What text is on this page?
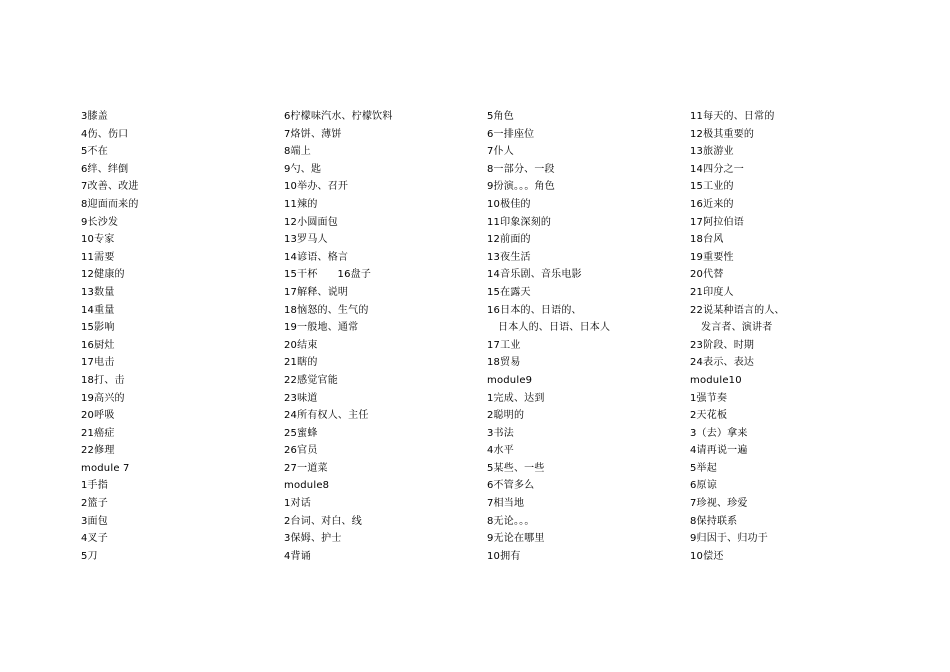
3膝盖
4伤、伤口
5不在
6绊、绊倒
7改善、改进
8迎面而来的
9长沙发
10专家
11需要
12健康的
13数量
14重量
15影响
16厨灶
17电击
18打、击
19高兴的
20呼吸
21癌症
22修理
module 7
1手指
2篮子
3面包
4叉子
5刀
6柠檬味汽水、柠檬饮料
7烙饼、薄饼
8端上
9勺、匙
10举办、召开
11辣的
12小圆面包
13罗马人
14谚语、格言
15干杯 16盘子
17解释、说明
18恼怒的、生气的
19一般地、通常
20结束
21瞎的
22感觉官能
23味道
24所有权人、主任
25蜜蜂
26官员
27一道菜
module8
1对话
2台词、对白、线
3保姆、护士
4背诵
5角色
6一排座位
7仆人
8一部分、一段
9扮演。。。角色
10极佳的
11印象深刻的
12前面的
13夜生活
14音乐剧、音乐电影
15在露天
16日本的、日语的、
日本人的、日语、日本人
17工业
18贸易
module9
1完成、达到
2聪明的
3书法
4水平
5某些、一些
6不管多么
7相当地
8无论。。。
9无论在哪里
10拥有
11每天的、日常的
12极其重要的
13旅游业
14四分之一
15工业的
16近来的
17阿拉伯语
18台风
19重要性
20代替
21印度人
22说某种语言的人、
发言者、演讲者
23阶段、时期
24表示、表达
module10
1强节奏
2天花板
3（去）拿来
4请再说一遍
5举起
6原谅
7珍视、珍爱
8保持联系
9归因于、归功于
10偿还
